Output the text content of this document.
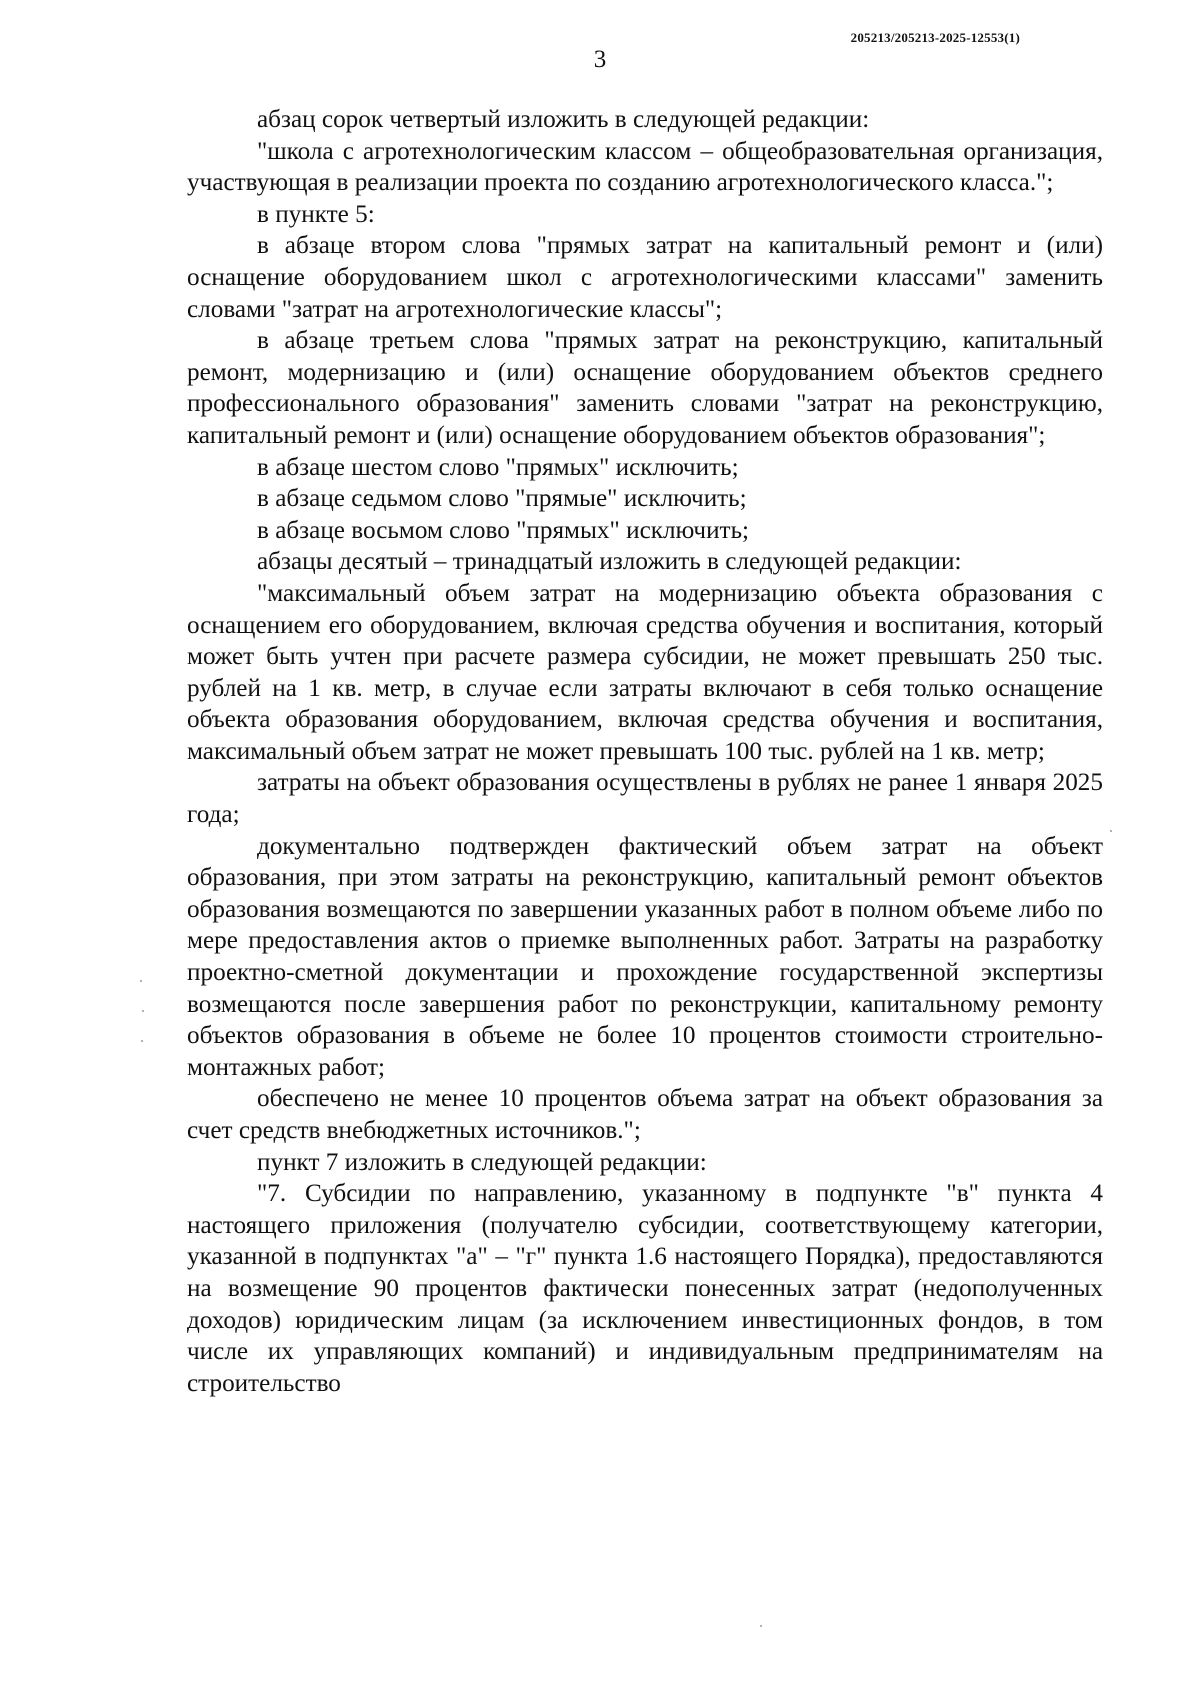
205213/205213-2025-12553(1)
3

абзац сорок четвертый изложить в следующей редакции:

"школа с агротехнологическим классом – общеобразовательная организация, участвующая в реализации проекта по созданию агротехнологического класса.";

в пункте 5:

в абзаце втором слова "прямых затрат на капитальный ремонт и (или) оснащение оборудованием школ с агротехнологическими классами" заменить словами "затрат на агротехнологические классы";

в абзаце третьем слова "прямых затрат на реконструкцию, капитальный ремонт, модернизацию и (или) оснащение оборудованием объектов среднего профессионального образования" заменить словами "затрат на реконструкцию, капитальный ремонт и (или) оснащение оборудованием объектов образования";

в абзаце шестом слово "прямых" исключить;

в абзаце седьмом слово "прямые" исключить;

в абзаце восьмом слово "прямых" исключить;

абзацы десятый – тринадцатый изложить в следующей редакции:

"максимальный объем затрат на модернизацию объекта образования с оснащением его оборудованием, включая средства обучения и воспитания, который может быть учтен при расчете размера субсидии, не может превышать 250 тыс. рублей на 1 кв. метр, в случае если затраты включают в себя только оснащение объекта образования оборудованием, включая средства обучения и воспитания, максимальный объем затрат не может превышать 100 тыс. рублей на 1 кв. метр;

затраты на объект образования осуществлены в рублях не ранее 1 января 2025 года;

документально подтвержден фактический объем затрат на объект образования, при этом затраты на реконструкцию, капитальный ремонт объектов образования возмещаются по завершении указанных работ в полном объеме либо по мере предоставления актов о приемке выполненных работ. Затраты на разработку проектно-сметной документации и прохождение государственной экспертизы возмещаются после завершения работ по реконструкции, капитальному ремонту объектов образования в объеме не более 10 процентов стоимости строительно-монтажных работ;

обеспечено не менее 10 процентов объема затрат на объект образования за счет средств внебюджетных источников.";

пункт 7 изложить в следующей редакции:

"7. Субсидии по направлению, указанному в подпункте "в" пункта 4 настоящего приложения (получателю субсидии, соответствующему категории, указанной в подпунктах "а" – "г" пункта 1.6 настоящего Порядка), предоставляются на возмещение 90 процентов фактически понесенных затрат (недополученных доходов) юридическим лицам (за исключением инвестиционных фондов, в том числе их управляющих компаний) и индивидуальным предпринимателям на строительство
